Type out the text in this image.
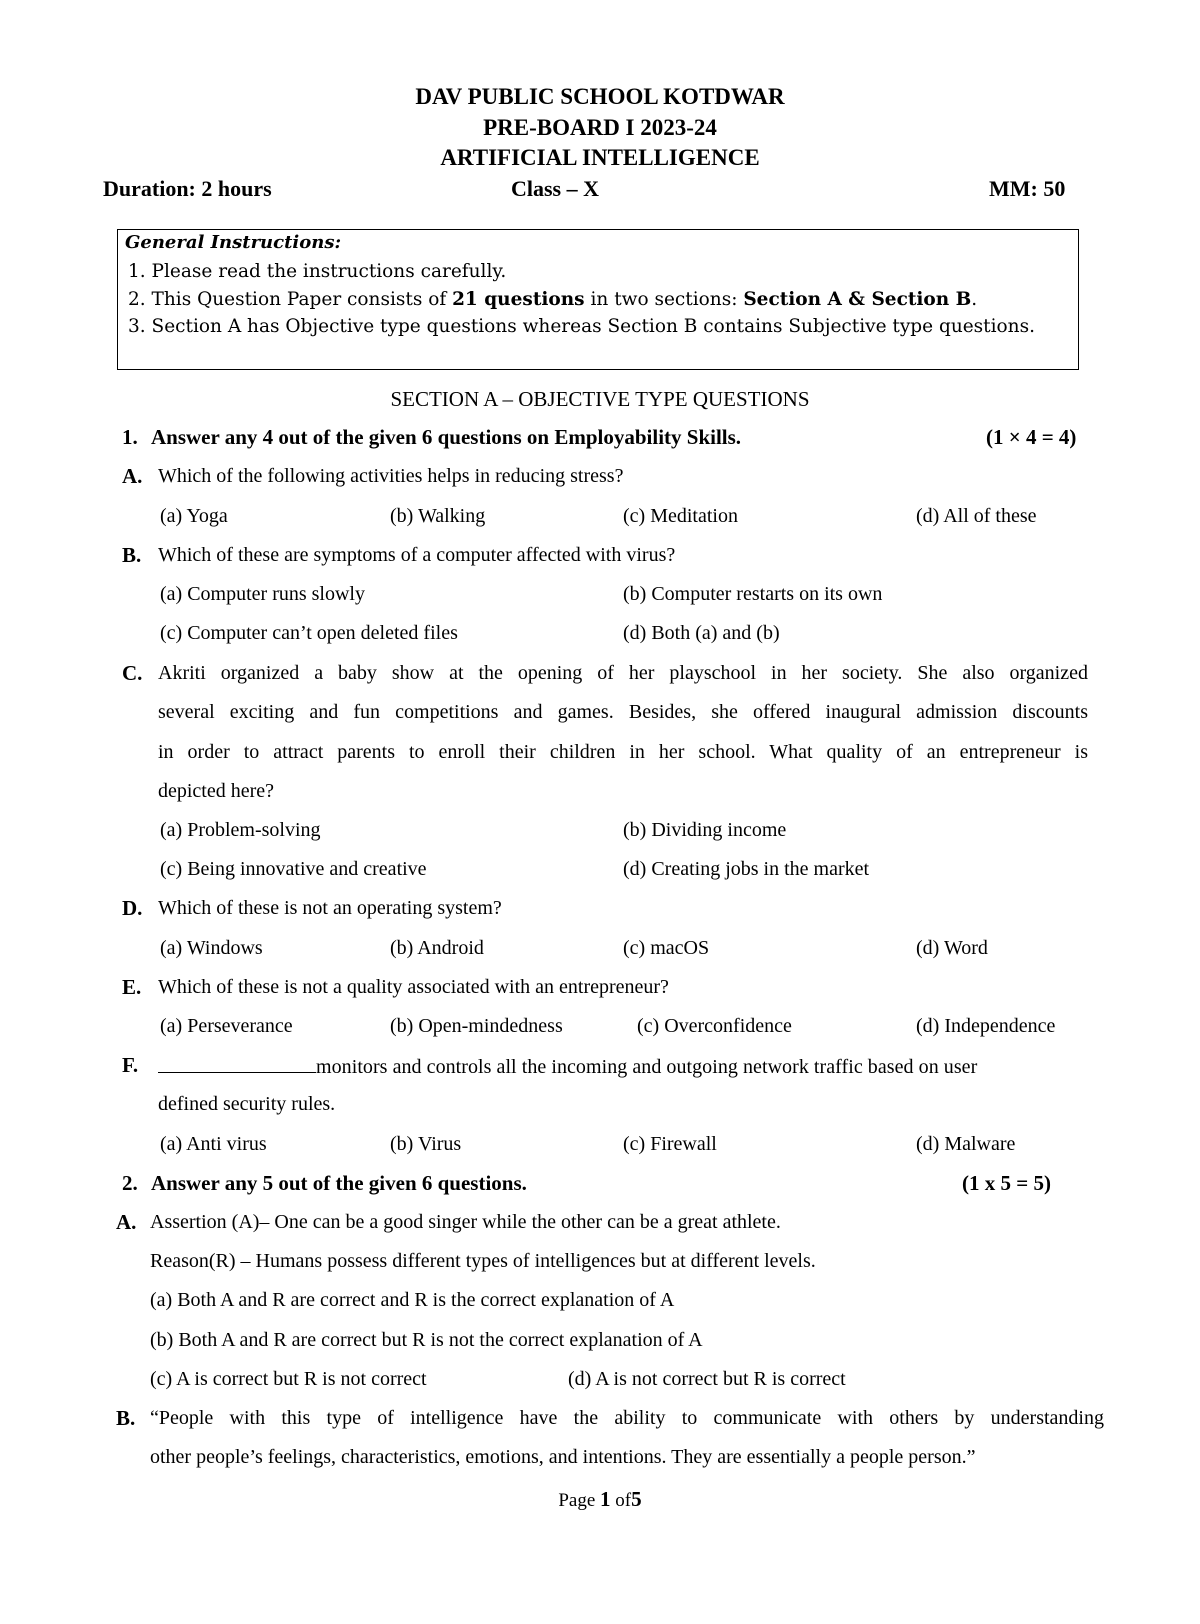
DAV PUBLIC SCHOOL KOTDWAR
PRE-BOARD I 2023-24
ARTIFICIAL INTELLIGENCE
Duration: 2 hours	Class – X	MM: 50
General Instructions:
1. Please read the instructions carefully.
2. This Question Paper consists of 21 questions in two sections: Section A & Section B.
3. Section A has Objective type questions whereas Section B contains Subjective type questions.
SECTION A – OBJECTIVE TYPE QUESTIONS
1. Answer any 4 out of the given 6 questions on Employability Skills.	(1 × 4 = 4)
A. Which of the following activities helps in reducing stress?
(a) Yoga	(b) Walking	(c) Meditation	(d) All of these
B. Which of these are symptoms of a computer affected with virus?
(a) Computer runs slowly	(b) Computer restarts on its own
(c) Computer can’t open deleted files	(d) Both (a) and (b)
C. Akriti organized a baby show at the opening of her playschool in her society. She also organized
several exciting and fun competitions and games. Besides, she offered inaugural admission discounts
in order to attract parents to enroll their children in her school. What quality of an entrepreneur is
depicted here?
(a) Problem-solving	(b) Dividing income
(c) Being innovative and creative	(d) Creating jobs in the market
D. Which of these is not an operating system?
(a) Windows	(b) Android	(c) macOS	(d) Word
E. Which of these is not a quality associated with an entrepreneur?
(a) Perseverance	(b) Open-mindedness	(c) Overconfidence	(d) Independence
F.	monitors and controls all the incoming and outgoing network traffic based on user
defined security rules.
(a) Anti virus	(b) Virus	(c) Firewall	(d) Malware
2. Answer any 5 out of the given 6 questions.	(1 x 5 = 5)
A. Assertion (A)– One can be a good singer while the other can be a great athlete.
Reason(R) – Humans possess different types of intelligences but at different levels.
(a) Both A and R are correct and R is the correct explanation of A
(b) Both A and R are correct but R is not the correct explanation of A
(c) A is correct but R is not correct	(d) A is not correct but R is correct
B. “People with this type of intelligence have the ability to communicate with others by understanding
other people’s feelings, characteristics, emotions, and intentions. They are essentially a people person.”
Page 1 of5
